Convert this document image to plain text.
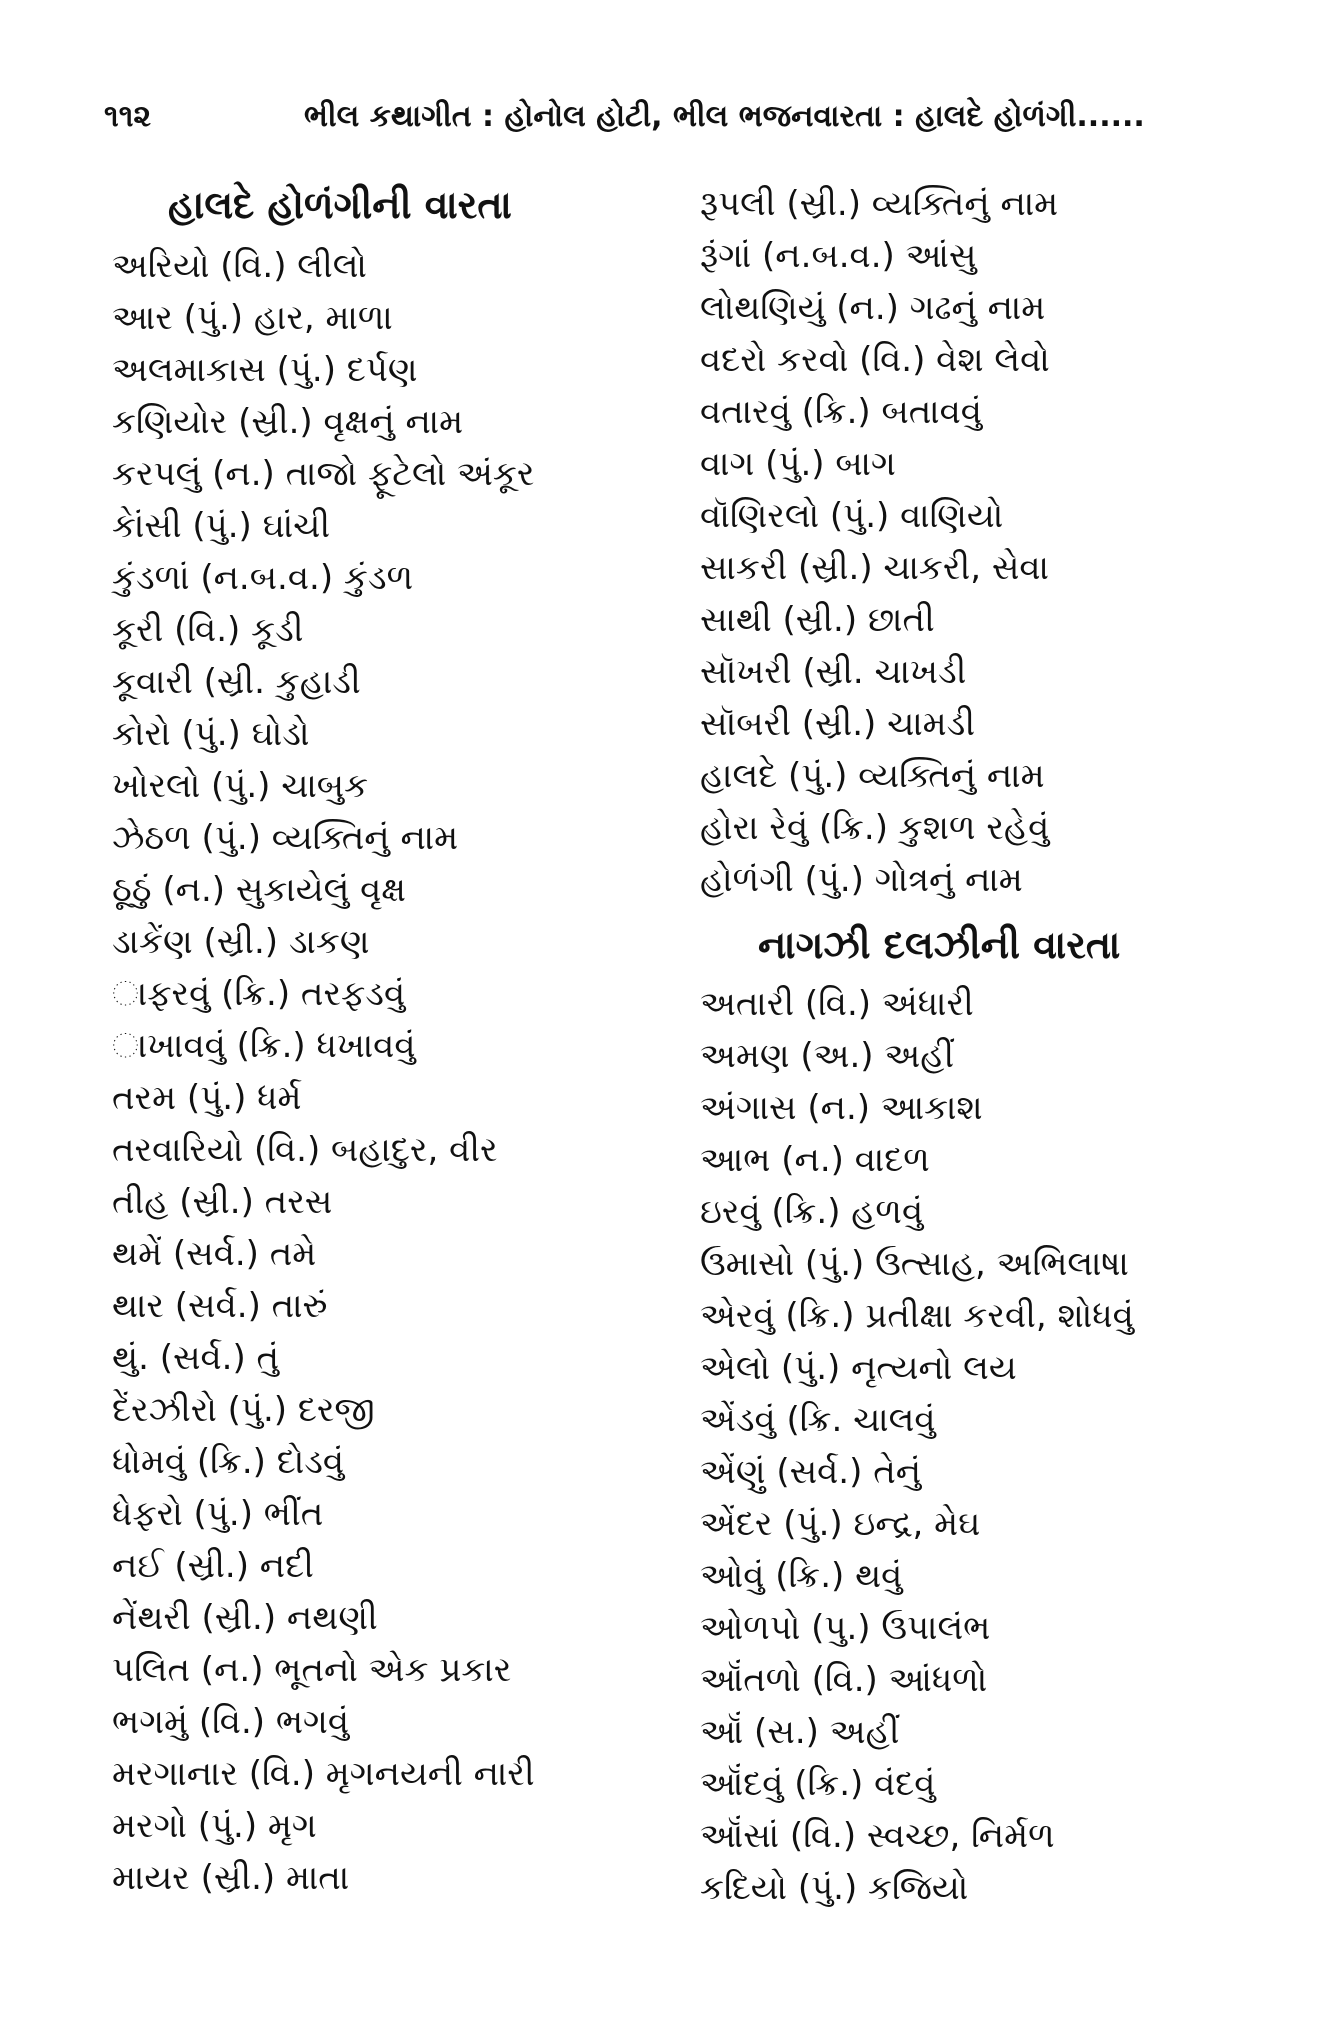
૧૧૨	ભીલ કથાગીત : હોનોલ હોટી, ભીલ ભજનવારતા : હાલદે હોળંગી......
હાલદે હોળંગીની વારતા
અરિયો (વિ.) લીલો
આર (પું.) હાર, માળા
અલમાકાસ (પું.) દર્પણ
કણિયોર (સ્રી.) વૃક્ષનું નામ
કરપલું (ન.) તાજો ફૂટેલો અંકૂર
કેાંસી (પું.) ઘાંચી
કુંડળાં (ન.બ.વ.) કુંડળ
કૂરી (વિ.) કૂડી
કૂવારી (સ્રી. કુહાડી
કોરો (પું.) ઘોડો
ખોરલો (પું.) ચાબુક
ઝેઠળ (પું.) વ્યક્તિનું નામ
ઠૂઠું (ન.) સુકાયેલું વૃક્ષ
ડાકેંણ (સ્રી.) ડાકણ
ાફરવું (ક્રિ.) તરફડવું
ાખાવવું (ક્રિ.) ધખાવવું
તરમ (પું.) ધર્મ
તરવારિયો (વિ.) બહાદુર, વીર
તીહ (સ્રી.) તરસ
થમેં (સર્વ.) તમે
થાર (સર્વ.) તારું
થું. (સર્વ.) તું
દેંરઝીરો (પું.) દરજી
ધોમવું (ક્રિ.) દોડવું
ધેફરો (પું.) ભીંત
નઈ (સ્રી.) નદી
નેંથરી (સ્રી.) નથણી
પલિત (ન.) ભૂતનો એક પ્રકાર
ભગમું (વિ.) ભગવું
મરગાનાર (વિ.) મૃગનયની નારી
મરગો (પું.) મૃગ
માયર (સ્રી.) માતા
રૂપલી (સ્રી.) વ્યક્તિનું નામ
રૂંગાં (ન.બ.વ.) આંસુ
લોથણિયું (ન.) ગઢનું નામ
વદરો કરવો (વિ.) વેશ લેવો
વતારવું (ક્રિ.) બતાવવું
વાગ (પું.) બાગ
વૉણિરલો (પું.) વાણિયો
સાકરી (સ્રી.) ચાકરી, સેવા
સાથી (સ્રી.) છાતી
સૉખરી (સ્રી. ચાખડી
સૉબરી (સ્રી.) ચામડી
હાલદે (પું.) વ્યક્તિનું નામ
હોરા રેવું (ક્રિ.) કુશળ રહેવું
હોળંગી (પું.) ગોત્રનું નામ
નાગઝી દલઝીની વારતા
અતારી (વિ.) અંધારી
અમણ (અ.) અહીં
અંગાસ (ન.) આકાશ
આભ (ન.) વાદળ
ઇરવું (ક્રિ.) હળવું
ઉમાસો (પું.) ઉત્સાહ, અભિલાષા
એરવું (ક્રિ.) પ્રતીક્ષા કરવી, શોધવું
એલો (પું.) નૃત્યનો લય
એંડવું (ક્રિ. ચાલવું
એંણું (સર્વ.) તેનું
એંદર (પું.) ઇન્દ્ર, મેઘ
ઓવું (ક્રિ.) થવું
ઓળપો (પુ.) ઉપાલંભ
ઑંતળો (વિ.) આંધળો
ઑં (સ.) અહીં
ઑંદવું (ક્રિ.) વંદવું
ઑંસાં (વિ.) સ્વચ્છ, નિર્મળ
કદિયો (પું.) કજિયો
